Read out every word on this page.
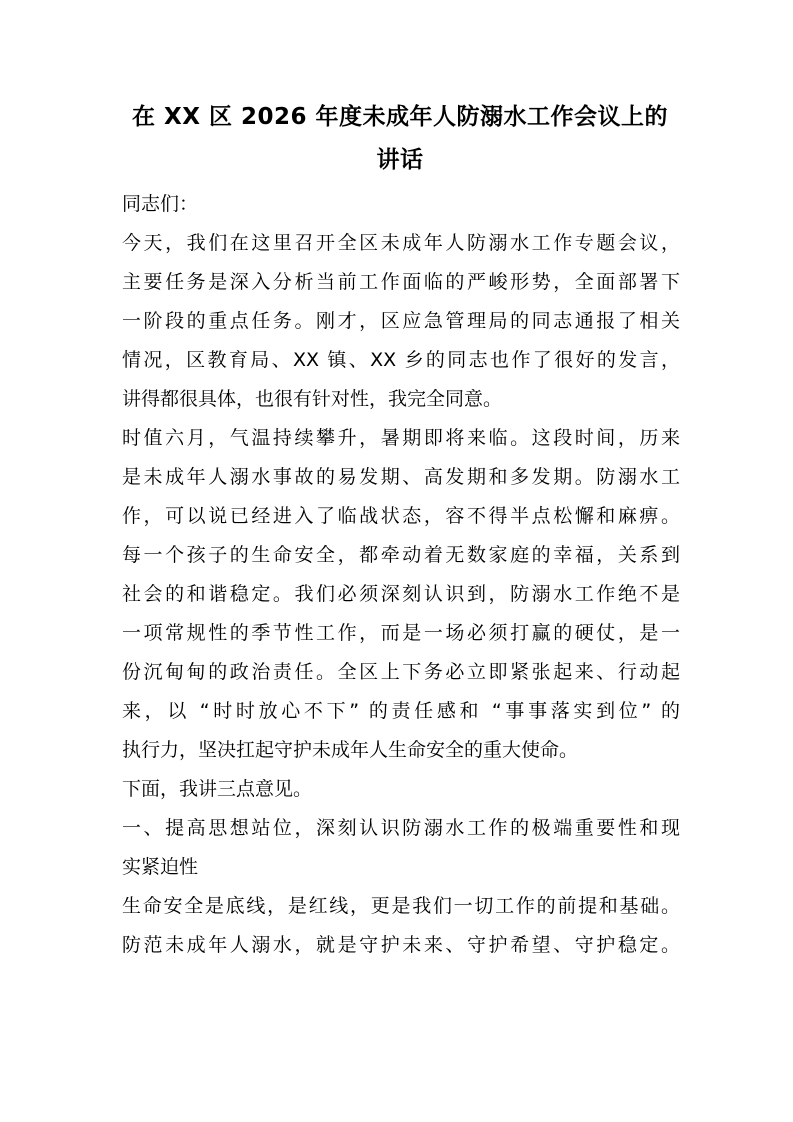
在 XX 区 2026 年度未成年人防溺水工作会议上的
讲话

同志们：

今天，我们在这里召开全区未成年人防溺水工作专题会议，

主要任务是深入分析当前工作面临的严峻形势，全面部署下

一阶段的重点任务。刚才，区应急管理局的同志通报了相关

情况，区教育局、XX 镇、XX 乡的同志也作了很好的发言，

讲得都很具体，也很有针对性，我完全同意。

时值六月，气温持续攀升，暑期即将来临。这段时间，历来

是未成年人溺水事故的易发期、高发期和多发期。防溺水工

作，可以说已经进入了临战状态，容不得半点松懈和麻痹。

每一个孩子的生命安全，都牵动着无数家庭的幸福，关系到

社会的和谐稳定。我们必须深刻认识到，防溺水工作绝不是

一项常规性的季节性工作，而是一场必须打赢的硬仗，是一

份沉甸甸的政治责任。全区上下务必立即紧张起来、行动起

来，以 “时时放心不下” 的责任感和 “事事落实到位” 的

执行力，坚决扛起守护未成年人生命安全的重大使命。

下面，我讲三点意见。

一、提高思想站位，深刻认识防溺水工作的极端重要性和现

实紧迫性

生命安全是底线，是红线，更是我们一切工作的前提和基础。

防范未成年人溺水，就是守护未来、守护希望、守护稳定。
